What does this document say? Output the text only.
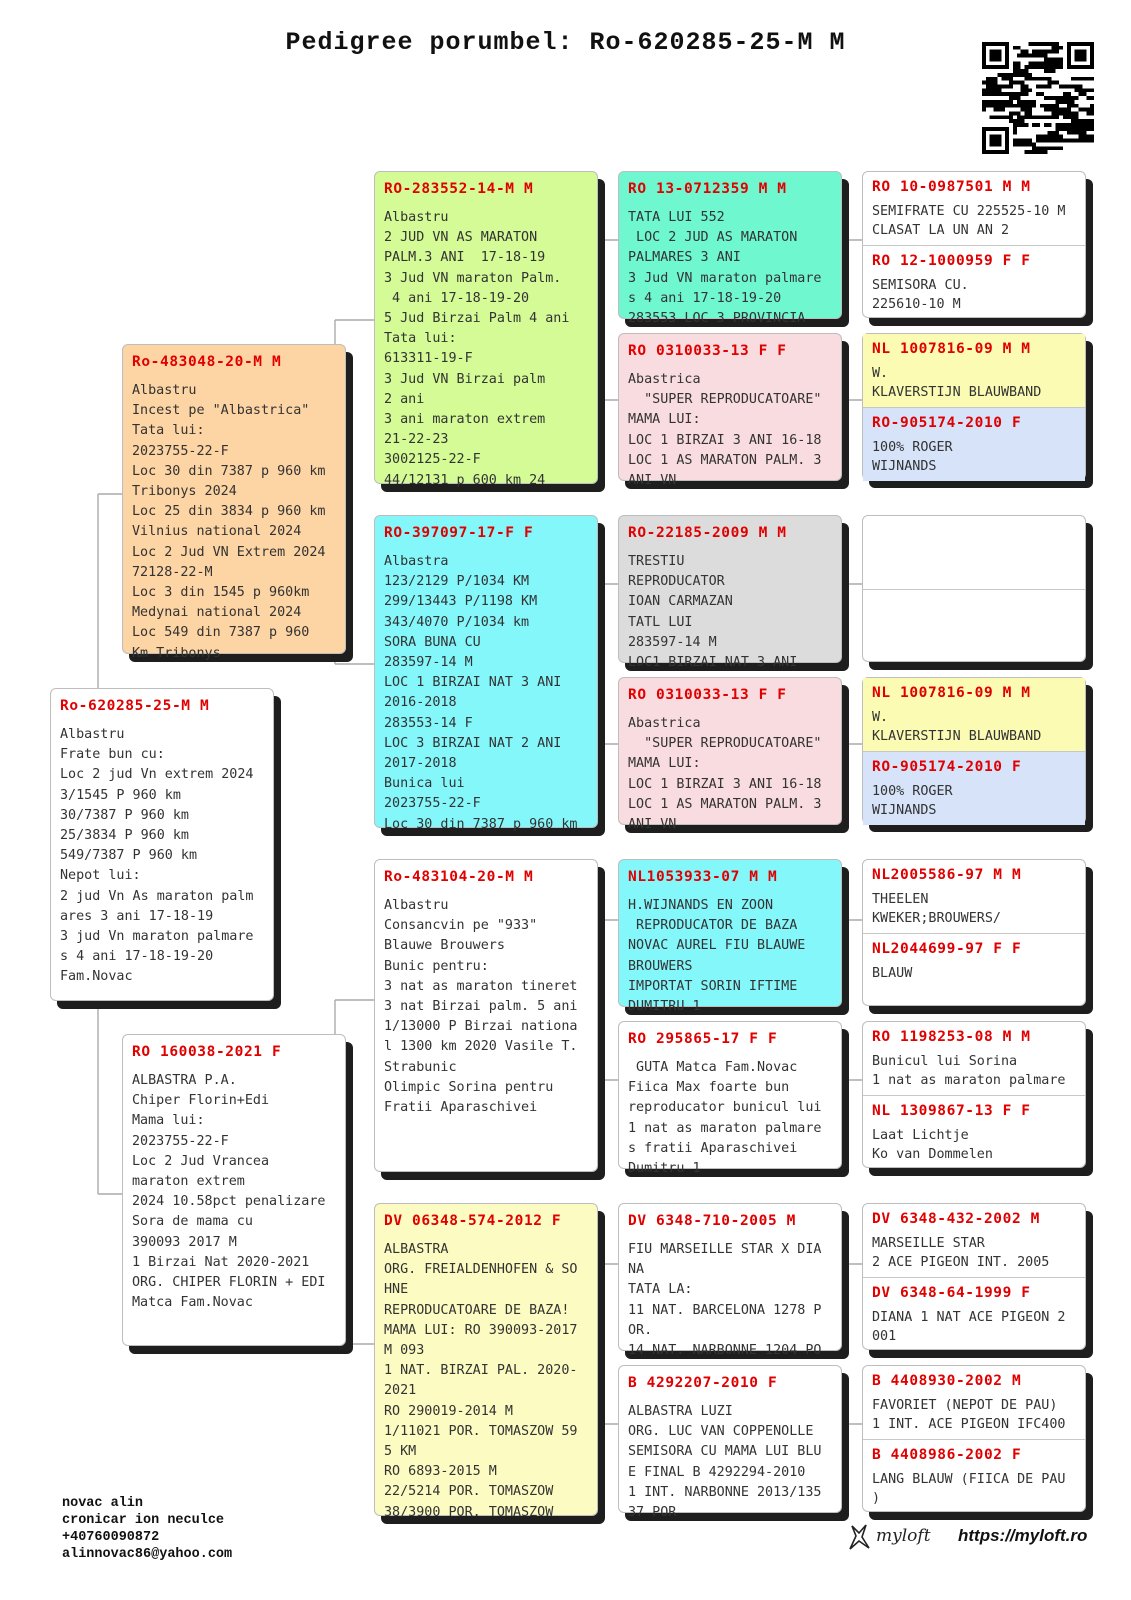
Pedigree porumbel: Ro-620285-25-M M
Ro-620285-25-M M
Albastru
Frate bun cu:
Loc 2 jud Vn extrem 2024
3/1545 P 960 km
30/7387 P 960 km
25/3834 P 960 km
549/7387 P 960 km
Nepot lui:
2 jud Vn As maraton palm
ares 3 ani 17-18-19
3 jud Vn maraton palmare
s 4 ani 17-18-19-20
Fam.Novac
Ro-483048-20-M M
Albastru
Incest pe "Albastrica"
Tata lui:
2023755-22-F
Loc 30 din 7387 p 960 km
Tribonys 2024
Loc 25 din 3834 p 960 km
Vilnius national 2024
Loc 2 Jud VN Extrem 2024
72128-22-M
Loc 3 din 1545 p 960km
Medynai national 2024
Loc 549 din 7387 p 960
Km Tribonys
RO 160038-2021 F
ALBASTRA P.A.
Chiper Florin+Edi
Mama lui:
2023755-22-F
Loc 2 Jud Vrancea
maraton extrem
2024 10.58pct penalizare
Sora de mama cu
390093 2017 M
1 Birzai Nat 2020-2021
ORG. CHIPER FLORIN + EDI
Matca Fam.Novac
RO-283552-14-M M
Albastru
2 JUD VN AS MARATON
PALM.3 ANI  17-18-19
3 Jud VN maraton Palm.
4 ani 17-18-19-20
5 Jud Birzai Palm 4 ani
Tata lui:
613311-19-F
3 Jud VN Birzai palm
2 ani
3 ani maraton extrem
21-22-23
3002125-22-F
44/12131 p 600 km 24
RO-397097-17-F F
Albastra
123/2129 P/1034 KM
299/13443 P/1198 KM
343/4070 P/1034 km
SORA BUNA CU
283597-14 M
LOC 1 BIRZAI NAT 3 ANI
2016-2018
283553-14 F
LOC 3 BIRZAI NAT 2 ANI
2017-2018
Bunica lui
2023755-22-F
Loc 30 din 7387 p 960 km
Ro-483104-20-M M
Albastru
Consancvin pe "933"
Blauwe Brouwers
Bunic pentru:
3 nat as maraton tineret
3 nat Birzai palm. 5 ani
1/13000 P Birzai nationa
l 1300 km 2020 Vasile T.
Strabunic
Olimpic Sorina pentru
Fratii Aparaschivei
DV 06348-574-2012 F
ALBASTRA
ORG. FREIALDENHOFEN & SO
HNE
REPRODUCATOARE DE BAZA!
MAMA LUI: RO 390093-2017
M 093
1 NAT. BIRZAI PAL. 2020-
2021
RO 290019-2014 M
1/11021 POR. TOMASZOW 59
5 KM
RO 6893-2015 M
22/5214 POR. TOMASZOW
38/3900 POR. TOMASZOW
RO 13-0712359 M M
TATA LUI 552
LOC 2 JUD AS MARATON
PALMARES 3 ANI
3 Jud VN maraton palmare
s 4 ani 17-18-19-20
283553 LOC 3 PROVINCIA
RO 0310033-13 F F
Abastrica
"SUPER REPRODUCATOARE"
MAMA LUI:
LOC 1 BIRZAI 3 ANI 16-18
LOC 1 AS MARATON PALM. 3
ANI VN
RO-22185-2009 M M
TRESTIU
REPRODUCATOR
IOAN CARMAZAN
TATL LUI
283597-14 M
LOC1 BIRZAI NAT 3 ANI
RO 0310033-13 F F
Abastrica
"SUPER REPRODUCATOARE"
MAMA LUI:
LOC 1 BIRZAI 3 ANI 16-18
LOC 1 AS MARATON PALM. 3
ANI VN
NL1053933-07 M M
H.WIJNANDS EN ZOON
REPRODUCATOR DE BAZA
NOVAC AUREL FIU BLAUWE
BROUWERS
IMPORTAT SORIN IFTIME
DUMITRU 1
RO 295865-17 F F
GUTA Matca Fam.Novac
Fiica Max foarte bun
reproducator bunicul lui
1 nat as maraton palmare
s fratii Aparaschivei
Dumitru 1
DV 6348-710-2005 M
FIU MARSEILLE STAR X DIA
NA
TATA LA:
11 NAT. BARCELONA 1278 P
OR.
14 NAT. NARBONNE 1204 PO
B 4292207-2010 F
ALBASTRA LUZI
ORG. LUC VAN COPPENOLLE
SEMISORA CU MAMA LUI BLU
E FINAL B 4292294-2010
1 INT. NARBONNE 2013/135
37 POR
RO 10-0987501 M M
SEMIFRATE CU 225525-10 M
CLASAT LA UN AN 2
RO 12-1000959 F F
SEMISORA CU.
225610-10 M
NL 1007816-09 M M
W.
KLAVERSTIJN BLAUWBAND
RO-905174-2010 F
100% ROGER
WIJNANDS
NL 1007816-09 M M
W.
KLAVERSTIJN BLAUWBAND
RO-905174-2010 F
100% ROGER
WIJNANDS
NL2005586-97 M M
THEELEN
KWEKER;BROUWERS/
NL2044699-97 F F
BLAUW
RO 1198253-08 M M
Bunicul lui Sorina
1 nat as maraton palmare
NL 1309867-13 F F
Laat Lichtje
Ko van Dommelen
DV 6348-432-2002 M
MARSEILLE STAR
2 ACE PIGEON INT. 2005
DV 6348-64-1999 F
DIANA 1 NAT ACE PIGEON 2
001
B 4408930-2002 M
FAVORIET (NEPOT DE PAU)
1 INT. ACE PIGEON IFC400
B 4408986-2002 F
LANG BLAUW (FIICA DE PAU
)
novac alin
cronicar ion neculce
+40760090872
alinnovac86@yahoo.com
myloft https://myloft.ro
